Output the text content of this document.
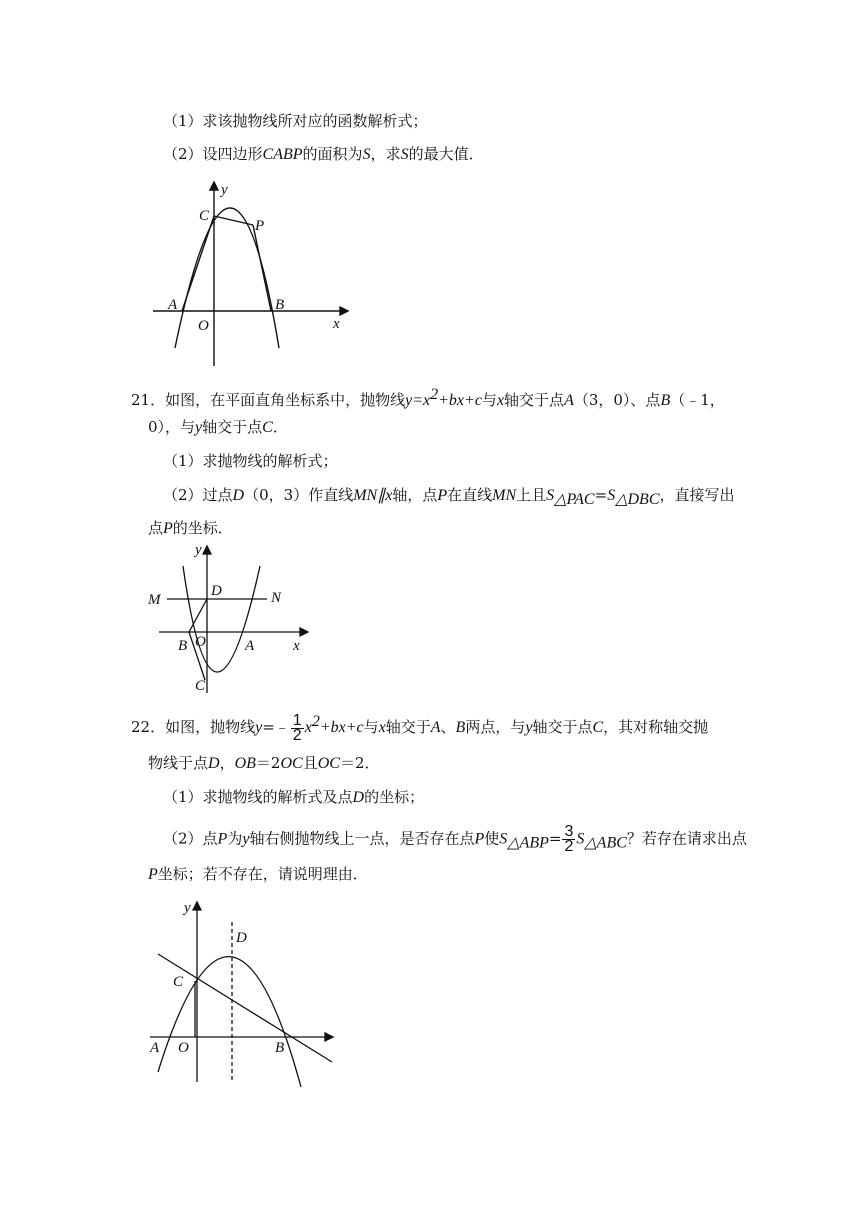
（1）求该抛物线所对应的函数解析式；
（2）设四边形CABP的面积为S，求S的最大值．
C
P
A	B
O	x
y
21．如图，在平面直角坐标系中，抛物线$y=x^2+bx+c$与x轴交于点A（3，0）、点B（﹣1，
0），与y轴交于点C．
（1）求抛物线的解析式；
（2）过点D（0，3）作直线MN∥x轴，点P在直线MN上且$S_{\triangle PAC}=S_{\triangle DBC}$，直接写出
点P的坐标．
M	N
D
B O	A
C
x
y
22．如图，抛物线y=﹣ $\frac{1}{2} x^2+bx+c$与x轴交于A、B两点，与y轴交于点C，其对称轴交抛
物线于点D，OB＝2OC且OC＝2．
（1）求抛物线的解析式及点D的坐标；
（2）点P为y轴右侧抛物线上一点，是否存在点P使$S_{\triangle ABP}= \frac{3}{2} S_{\triangle ABC}$？若存在请求出点
P坐标；若不存在，请说明理由．
D
C
A O	B
y
